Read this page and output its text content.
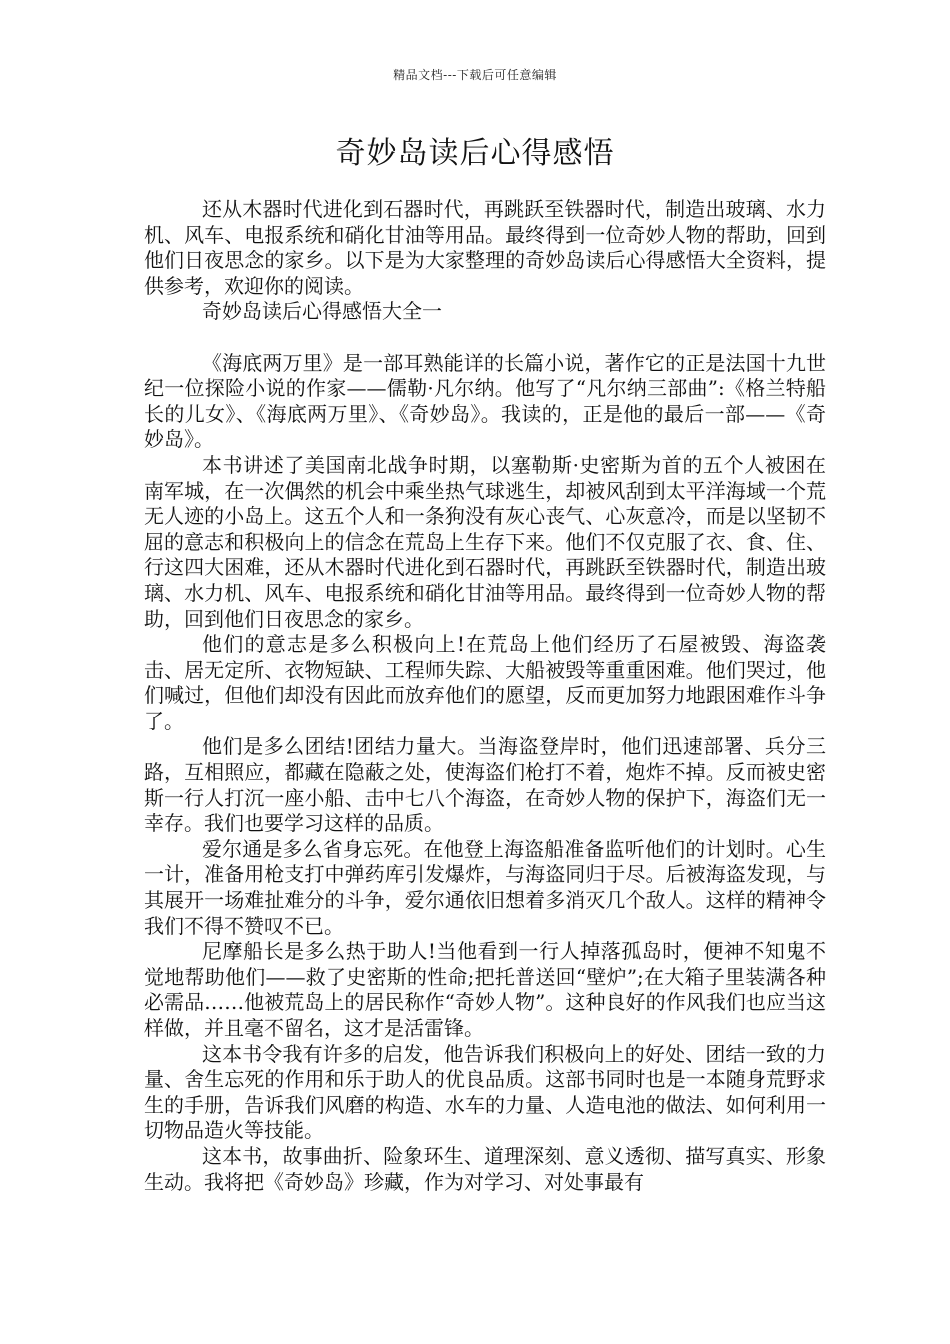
精品文档---下载后可任意编辑
奇妙岛读后心得感悟

还从木器时代进化到石器时代，再跳跃至铁器时代，制造出玻璃、水力机、风车、电报系统和硝化甘油等用品。最终得到一位奇妙人物的帮助，回到他们日夜思念的家乡。以下是为大家整理的奇妙岛读后心得感悟大全资料，提供参考，欢迎你的阅读。

奇妙岛读后心得感悟大全一

《海底两万里》是一部耳熟能详的长篇小说，著作它的正是法国十九世纪一位探险小说的作家——儒勒·凡尔纳。他写了“凡尔纳三部曲”:《格兰特船长的儿女》、《海底两万里》、《奇妙岛》。我读的，正是他的最后一部——《奇妙岛》。

本书讲述了美国南北战争时期，以塞勒斯·史密斯为首的五个人被困在南军城，在一次偶然的机会中乘坐热气球逃生，却被风刮到太平洋海域一个荒无人迹的小岛上。这五个人和一条狗没有灰心丧气、心灰意冷，而是以坚韧不屈的意志和积极向上的信念在荒岛上生存下来。他们不仅克服了衣、食、住、行这四大困难，还从木器时代进化到石器时代，再跳跃至铁器时代，制造出玻璃、水力机、风车、电报系统和硝化甘油等用品。最终得到一位奇妙人物的帮助，回到他们日夜思念的家乡。

他们的意志是多么积极向上!在荒岛上他们经历了石屋被毁、海盗袭击、居无定所、衣物短缺、工程师失踪、大船被毁等重重困难。他们哭过，他们喊过，但他们却没有因此而放弃他们的愿望，反而更加努力地跟困难作斗争了。

他们是多么团结!团结力量大。当海盗登岸时，他们迅速部署、兵分三路，互相照应，都藏在隐蔽之处，使海盗们枪打不着，炮炸不掉。反而被史密斯一行人打沉一座小船、击中七八个海盗，在奇妙人物的保护下，海盗们无一幸存。我们也要学习这样的品质。

爱尔通是多么省身忘死。在他登上海盗船准备监听他们的计划时。心生一计，准备用枪支打中弹药库引发爆炸，与海盗同归于尽。后被海盗发现，与其展开一场难扯难分的斗争，爱尔通依旧想着多消灭几个敌人。这样的精神令我们不得不赞叹不已。

尼摩船长是多么热于助人!当他看到一行人掉落孤岛时，便神不知鬼不觉地帮助他们——救了史密斯的性命;把托普送回“壁炉”;在大箱子里装满各种必需品……他被荒岛上的居民称作“奇妙人物”。这种良好的作风我们也应当这样做，并且毫不留名，这才是活雷锋。

这本书令我有许多的启发，他告诉我们积极向上的好处、团结一致的力量、舍生忘死的作用和乐于助人的优良品质。这部书同时也是一本随身荒野求生的手册，告诉我们风磨的构造、水车的力量、人造电池的做法、如何利用一切物品造火等技能。

这本书，故事曲折、险象环生、道理深刻、意义透彻、描写真实、形象生动。我将把《奇妙岛》珍藏，作为对学习、对处事最有
